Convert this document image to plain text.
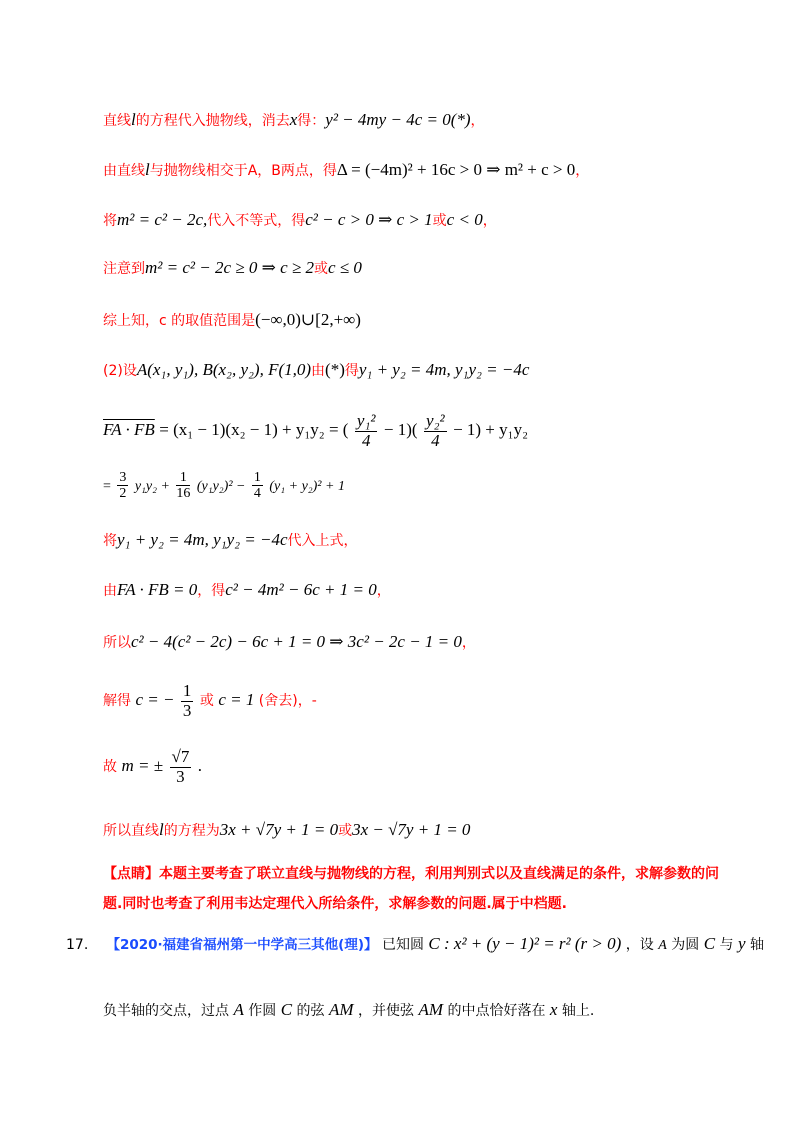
直线l的方程代入抛物线，消去x得：y² − 4my − 4c = 0(*)，
由直线l与抛物线相交于A，B两点，得Δ = (−4m)² + 16c > 0 ⇒ m² + c > 0，
将m² = c² − 2c,代入不等式，得c² − c > 0 ⇒ c > 1或c < 0，
注意到m² = c² − 2c ≥ 0 ⇒ c ≥ 2或c ≤ 0
综上知，c 的取值范围是(−∞,0)∪[2,+∞)
(2)设A(x₁, y₁), B(x₂, y₂), F(1,0)由(*)得y₁ + y₂ = 4m, y₁y₂ = −4c
将y₁ + y₂ = 4m, y₁y₂ = −4c代入上式，
由FA · FB = 0，得c² − 4m² − 6c + 1 = 0，
所以c² − 4(c² − 2c) − 6c + 1 = 0 ⇒ 3c² − 2c − 1 = 0，
所以直线l的方程为3x + √7y + 1 = 0或3x − √7y + 1 = 0
FA · FB = (x₁ − 1)(x₂ − 1) + y₁y₂ = ( $\frac{\text{y₁²}}{4} - 1)( \frac{\text{y₂²}}{4} - 1) + y_1y_2$
= $\frac{3}{2} y_1y_2 + \frac{1}{16} (y_1y_2)^2 - \frac{1}{4} (y_1 + y_2)^2 + 1$
解得 c = − $\frac{1}{3}$ 或 c = 1 (舍去)，-
故 m = ± $\frac{√7}{3}$ .
【点睛】本题主要考查了联立直线与抛物线的方程，利用判别式以及直线满足的条件，求解参数的问
题.同时也考查了利用韦达定理代入所给条件，求解参数的问题.属于中档题.
17. 【2020·福建省福州第一中学高三其他(理)】 已知圆 C : x² + (y − 1)² = r² (r > 0) ，设 A 为圆 C 与 y 轴
负半轴的交点，过点 A 作圆 C 的弦 AM ，并使弦 AM 的中点恰好落在 x 轴上.
